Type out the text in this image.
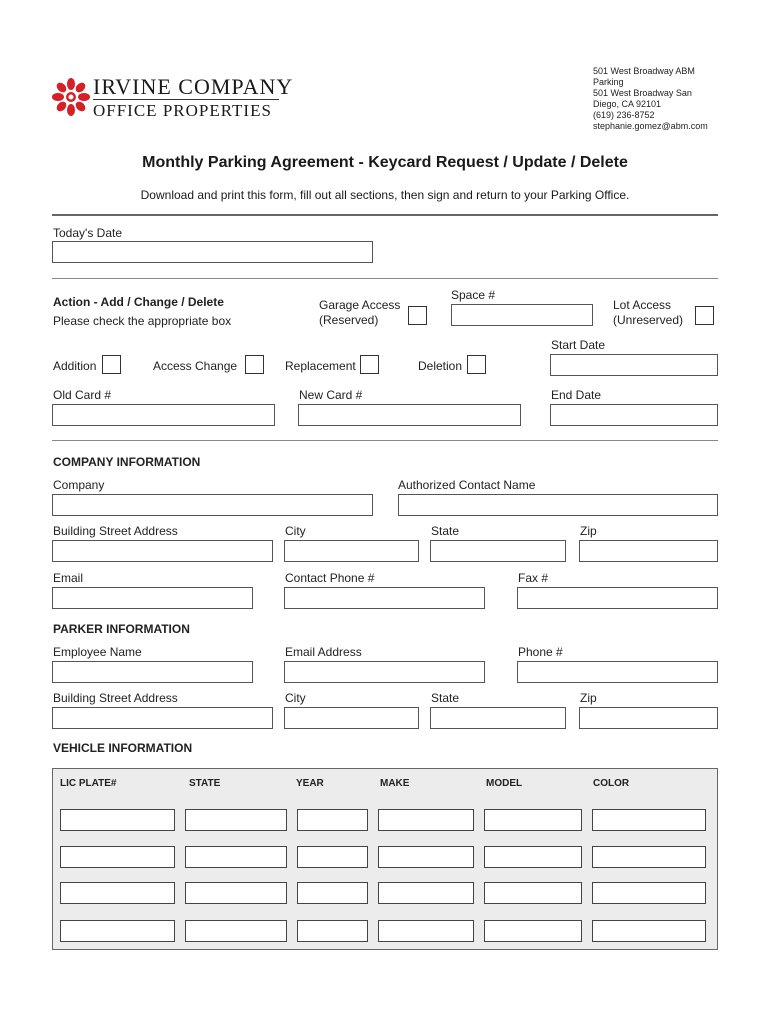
IRVINE COMPANY
OFFICE PROPERTIES
501 West Broadway ABM
Parking
501 West Broadway San
Diego, CA 92101
(619) 236-8752
stephanie.gomez@abm.com
Monthly Parking Agreement - Keycard Request / Update / Delete
Download and print this form, fill out all sections, then sign and return to your Parking Office.
Today's Date
Action - Add / Change / Delete
Please check the appropriate box
Garage Access
(Reserved)
Space #
Lot Access
(Unreserved)
Start Date
Addition	Access Change	Replacement	Deletion
Old Card #	New Card #	End Date
COMPANY INFORMATION
Company	Authorized Contact Name
Building Street Address	City	State	Zip
Email	Contact Phone #	Fax #
PARKER INFORMATION
Employee Name	Email Address	Phone #
Building Street Address	City	State	Zip
VEHICLE INFORMATION
LIC PLATE#	STATE	YEAR	MAKE	MODEL	COLOR
